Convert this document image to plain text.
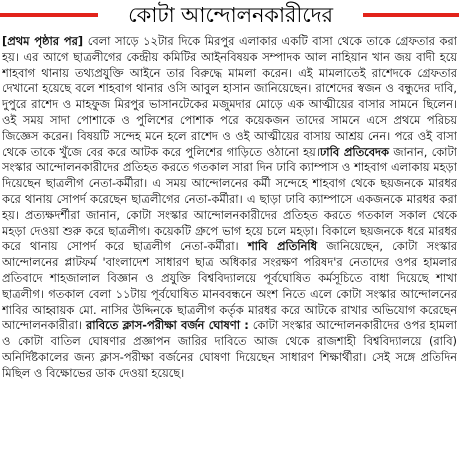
কোটা আন্দোলনকারীদের

[প্রথম পৃষ্ঠার পর] বেলা সাড়ে ১২টার দিকে মিরপুর এলাকার একটি বাসা থেকে তাকে গ্রেফতার করা হয়। এর আগে ছাত্রলীগের কেন্দ্রীয় কমিটির আইনবিষয়ক সম্পাদক আল নাহিয়ান খান জয় বাদী হয়ে শাহবাগ থানায় তথ্যপ্রযুক্তি আইনে তার বিরুদ্ধে মামলা করেন। এই মামলাতেই রাশেদকে গ্রেফতার দেখানো হয়েছে বলে শাহবাগ থানার ওসি আবুল হাসান জানিয়েছেন। রাশেদের স্বজন ও বন্ধুদের দাবি, দুপুরে রাশেদ ও মাহফুজ মিরপুর ভাসানটেকের মজুমদার মোড়ে এক আত্মীয়ের বাসার সামনে ছিলেন। ওই সময় সাদা পোশাকে ও পুলিশের পোশাক পরে কয়েকজন তাদের সামনে এসে প্রথমে পরিচয় জিজ্ঞেস করেন। বিষয়টি সন্দেহ মনে হলে রাশেদ ও ওই আত্মীয়ের বাসায় আশ্রয় নেন। পরে ওই বাসা থেকে তাকে খুঁজে বের করে আটক করে পুলিশের গাড়িতে ওঠানো হয়।ঢাবি প্রতিবেদক জানান, কোটা সংস্কার আন্দোলনকারীদের প্রতিহত করতে গতকাল সারা দিন ঢাবি ক্যাম্পাস ও শাহবাগ এলাকায় মহড়া দিয়েছেন ছাত্রলীগ নেতা-কর্মীরা। এ সময় আন্দোলনের কর্মী সন্দেহে শাহবাগ থেকে ছয়জনকে মারধর করে থানায় সোপর্দ করেছেন ছাত্রলীগের নেতা-কর্মীরা। এ ছাড়া ঢাবি ক্যাম্পাসে একজনকে মারধর করা হয়। প্রত্যক্ষদর্শীরা জানান, কোটা সংস্কার আন্দোলনকারীদের প্রতিহত করতে গতকাল সকাল থেকে মহড়া দেওয়া শুরু করে ছাত্রলীগ। কয়েকটি গ্রুপে ভাগ হয়ে চলে মহড়া। বিকালে ছয়জনকে ধরে মারধর করে থানায় সোপর্দ করে ছাত্রলীগ নেতা-কর্মীরা। শাবি প্রতিনিধি জানিয়েছেন, কোটা সংস্কার আন্দোলনের প্লাটফর্ম 'বাংলাদেশ সাধারণ ছাত্র অধিকার সংরক্ষণ পরিষদ'র নেতাদের ওপর হামলার প্রতিবাদে শাহজালাল বিজ্ঞান ও প্রযুক্তি বিশ্ববিদ্যালয়ে পূর্বঘোষিত কর্মসূচিতে বাধা দিয়েছে শাখা ছাত্রলীগ। গতকাল বেলা ১১টায় পূর্বঘোষিত মানববন্ধনে অংশ নিতে এলে কোটা সংস্কার আন্দোলনের শাবির আহ্বায়ক মো. নাসির উদ্দিনকে ছাত্রলীগ কর্তৃক মারধর করে আটকে রাখার অভিযোগ করেছেন আন্দোলনকারীরা। রাবিতে ক্লাস-পরীক্ষা বর্জন ঘোষণা : কোটা সংস্কার আন্দোলনকারীদের ওপর হামলা ও কোটা বাতিল ঘোষণার প্রজ্ঞাপন জারির দাবিতে আজ থেকে রাজশাহী বিশ্ববিদ্যালয়ে (রাবি) অনির্দিষ্টকালের জন্য ক্লাস-পরীক্ষা বর্জনের ঘোষণা দিয়েছেন সাধারণ শিক্ষার্থীরা। সেই সঙ্গে প্রতিদিন মিছিল ও বিক্ষোভের ডাক দেওয়া হয়েছে।
